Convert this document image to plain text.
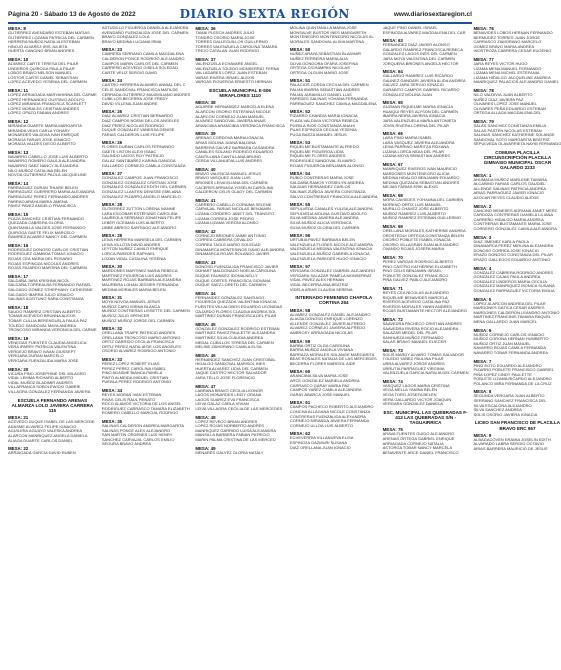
Página 20 - Sábado 13 de Agosto de 2022	DIARIO SEXTA REGIÓN	www.diariosextaregion.cl
MESA: 8
GUTIERREZ AVENDAÑO ESTEBAN MATIAS
GUTIERREZ LOZANA PATRICIA DEL CARMEN
HERRERA MUÑOZ NATALIA ESTEBAN
HINOJO ALVAREZ IRIS JULIETA
HUERTA CANCINO BRIAN ANDRES
MESA: 10
ALVAREZ CARTE TERESA DEL PILAR
LINDEROS QUIROGA PAULA PILAR
LOBOS BRAVO NELSON MANUEL
LOSTOR CARTE DANIEL SEBASTIAN
LOPEZ ACEVEDO YESENIA DEL CARMEN
MESA: 11
LOPEZ ARRIAGADA MARYAHINNA DEL CARME
LOPEZ HERNANDEZ GUSTAVO ADOLFO
LOPEZ MIRANDA FRANCISCA SCARLETT
LOPEZ MORALES CRISTIAN ANDRES
LOPEZ OPAZO FABIAN ANDRES
MESA: 12
MIRANDA DUARTE MARIA MARGARITA
MIRANDA VEAS CARLA YOHARY
MONARDES VALDIVIA IVAN ENRIQUE
MORAGA FARIAS JOSE IGNACIO
MORAGA VALDES DIEGO ALBERTO
MESA: 13
NAVARRO CABELLO JOSE LUIS ALBERTO
NAVARRO ROMERO DALILA ALEJANDRA
NAVARRO SAEZ NANCY ALEJANDRA
NILO MUÑOZ CATALINA BELEN
NOVOA GUTIERREZ PAOLA JACQUELINE
MESA: 14
PARRAGUEZ DURAN THIARE BELEN
PARRAGUEZ GUERRERO MARIA ALEJANDRA
PARRAGUEZ PEREZ FERNANDO ANDRES
PARRAO ARAYA MARIA JIMENA
PAVEZ PAVEZ ANGELO FRANCISCA
MESA: 15
PLAZA SANCHEZ CRISTIAN FERNANDO
QUEZADA CABRERA GLORIA
QUINTANILLA VALDES JOSE FERNANDO
QUIROGA GAETE FELIX MARCELO
RAMIREZ ALVAREZ NANCY DEL CARMEN
MESA: 16
RODRIGUEZ DONOSO CARLOS CRISTIAN
RODRIGUEZ GAMBOA TOMAS IGNACIO
ROJAS CEA MARIA DEL ROSARIO
ROJAS ESPINOZA NICOLAS ANDRES
ROJAS FAJARDO MARTINA DEL CARMEN
MESA: 17
SALDAÑA JARA KRISHNA NICOL
SALDAÑA TORREALBA FERNANDO RAFAEL
SALGADO GOMEZ STHEPHANY CATHERINE
SALGADO IBARRA JULIO IGNACIO
SALINAS ACEITUNO SARA CONSTANZA
MESA: 18
SAUDO RAMIREZ CRISTIAN ALBERTO
TOMAR ACEVEDO BRUNNA ALEXIS
TOBAR CULLIA BERENGUELA PAULA PAZ
TOLEDO SANDOVAL MAYA ANDREA
TRONCOSO MIRANDA VERONICA DEL CARME
MESA: 19
VENEGAS FUENTES CLAUDIA ANGELICA
VERA IPARRY PATRICIA VALENTINA
VERDEJO BRAVO IVAAN GIUSSEPT
VERGARA DURAN MARCELO
VERGARA FUENZALIDA MARIA JOSE
MESA: 20
VICUÑA PINO JOSEPHINE DEL MILAGRO
VIDAL LEMMA RICHARD ALBERTO
VIDAL MUÑOZ BLADIMIR ANDRES
VILLAFRANCA SOBOLEWICKI GABRIE
VILLAGRA GONZALEZ FERNANDA JAVIERA
ESCUELA FERNANDO ARENAS ALMARZA LOLO JAVIERA CARRERA 115
MESA: 21
ACEVEDO DUQUE ISABEL DE LAS MERCEDE
ADASME ALVAREZ FELIPE IGNACIO
AGUILERA AGUAYO VALESKA ANDREA
ALARCON MANRIQUEZ ANGELA DANIELA
ALIAGA DUARTE CARLOS DANIEL
MESA: 22
ARRIAGADA GARCIA DAVID RUBEN
ASTUDILLO FIGUEROA DANIELA ALEJANDRA
AVENDAÑO FUENZALIDA JOSE DEL CARMEN
BRAVO GONZALEZ LOLA
BRAVO MEDINA LUCIANA IRMA
MESA: 23
CABRERA SERRANO CAMILA MAGDALENA
CALDERON PONCE RODRIGO ALEJANDRO
CAMPOS MARIN CARLOS DEL CARMEN
CARREÑO ACEVEDO GISELA SOLEDAD
CARTE VELIZ SERGIO DAVID
MESA: 24
CASTRO HERRERA ALAMIRO ANIBAL DEL C
CELIS SANDOVAL FRANCISCA MATILDE
CERRADA GUTIERREZ MAXIMILIANO ANDRES
CUBILLOS BECERRA JOSE FREDY
DAVID VILLENA JUAN ANDRE
MESA: 25
DIAZ ALVAREZ CRISTIAN BERNARDO
DIAZ CAMPOS NOEMI DE LOS ANGELES
DIAZ PEREZ NICOLAS RODRIGO
DUQUE GONZALEZ VANESSA DENISE
FARIAS CALDERON LUIS FELIPE
MESA: 26
FLORES DURAN CARLOS FERNANDO
GAETE LISTON ALEXI ISAAC
GALINDO LAGOS ROY PATRICIO
GALAZ SANTIBAÑEZ KARINA GANGGA
GALLARDO CORNEJO CAMILA CONSTANZA
MESA: 27
GONZALEZ CAMPOS JUAN FRANCISCO
GONZALEZ GONZALEZ CRISTIAN JOSE
GONZALEZ GONZALEZ EDITH DEL CARMEN
GONZALEZ LLANTEN DENISSE EMILIANA
GONZALEZ PIZARRO ANGELO MARCELO
MESA: 28
GUTIERREZ ZUTTON LORENA IVANNE
LARA ESCOBAR ESTEFANIE CAROLINA
LAUREOLA SERRANO JONATHAN FELIPE
LEBER OCEIMAN LUIS ALBERTO
LIBBE ABRIGO SANTIAGO ALEJANDRO
MESA: 29
LEIVA HERRERA MARISELA DEL CARMEN
LEIVA VILLOTA DAVID ANDRES
LEYTON NUÑEZ CAMILO ENRIQUE
LORCA PAREDES RAPHAEL
LOZAN VIDAL CATALINA YESENIA
MESA: 30
MARDONES MARTINEZ MARIA REBECA
MARTINEZ FIGUEROA LUIS ANDRES
MARTINEZ ROJAS BARBARA ALEJANDRA
MAUREIRA LOHAN JESSIER FERNANDA
MEDINA MORALES MARIA BELEN
MESA: 31
MOYA NOVOA MANUEL JESUS
MUÑOZ CARO MIRNA BLANCA
MUÑOZ CONTRERAS LISSETTE DEL CARMEN
MUÑOZ JULIO SPENCER
MUÑOZ MUÑOZ JORGE DEL CARMEN
MESA: 32
ORELLANA TRAIPE PATRICIO ANDRES
ORELLANA TRONCOSO MARIO ANTONIO
ORTIZ GARRIDO CECILIA FRANCISCA
ORTIZ PEREZ NATALIA DE LOS ANGELES
OSORIO ALVAREZ RODRIGO ANTONIO
MESA: 33
PEREZ LOPEZ ROBERT ELIAS
PEREZ PEREZ CAROLINA ISABEL
PINO ADASME BIANCA PAMELA
PINTO ALMEIDA MIGUEL CRISTIAN
PUEBLA PEREZ RODRIGO ANTONIO
MESA: 34
REYES MORAN IVAN ESTEBAN
RIVAS CELIS RAUL RENATO
ROCO ALAMOS VICTORIA DE LOS ANGEL
RODRIGUEZ CARRASCO TAMARA ELIZABETH
ROMERO CABELLO MARCIAL RODRIGO
MESA: 35
SALINAS CALDERON ANDREA MARGARITA
SALINAS PONCE ALEX ALEJANDRO
SAN MARTIN ORDENES LUIS HENRY
SANCHEZ CARVAJAL CARLOS EMILIO
SEGURA BRAVO ANDREA
MESA: 36
TAMAI PLESCH ANDRES JULIO
TONDRO OSORIO MARIA JOSE
TORRES GALLEGUILLOS GUILLERMO
TORRES VALENZUELA CAROLINA TAMARA
TREJO CATALAN JUAN RODRIGO
MESA: 37
VALENZUELA ECHAVARE ANGEL
VALENZUELA TOLEDO MONSERRAT FERNA
VALLADARES LOPEZ JUAN ESTEBAN
VARAS RIVERA ISRAEL ALEXIS
VARGAS FIGUEROA ERNESTO HERNAN
ESCUELA MUNICIPAL E-506 MIRAFLORES 1110
MESA: 38
AGUIRRE HERNANDEZ MARCELA ELENA
ALARCON OSORIO ESTEFANIA NICOLE
ALARCON CORNEJO JUAN MANUEL
ALVAREZ SANDOVAL JAVIERA ANAIS
ARANCIBIA ARANCIBIA VERONICA FRANCISCA
MESA: 39
ARENAS CORDOVA MARIA IGNACIA
ARIAS MOLINA JUANA BALDINA
BARRERA GALVEZ BARBARA CASANDRA
CANALES SOLANO RODRIGO EDUARDO
CANTILLANA CANTILLANA BRUNO
CERDA VILLANUEVA LUIS ANDRES
MESA: 40
BRAVO VALENCIA MANUEL JESUS
BRAVO VASQUEZ JUAN LUIS
BRIONES LEIVA ELIANA DEL CARMEN
CACERES ARRIAGA YOSELIN CAROLINA
CALDERON CELIS GLADY DEL CARMEN
MESA: 41
CARRERO CABELLO CORAIMA SELENE
CARVAJAL FARIAS NICOLAS BENJAMIN
LIZANA CORDERO JANET DEL TRANSITO
LIZANA CORREA JOSE PEDRO
LIZANA LIZAMA VERONI ALONSO
MESA: 42
CORNEJO BRIONES JAIME ANTONIO
CORREA CABRERA OSVALDO
CORREA TAGLE MARIO SOLEDAD
DINAMARCA MONTESINOS DAVID ALEJANDRA
DINAMARCA ROJAS ROLANDO JAVIER
MESA: 43
DONOSO FUENZALIDA FRANCISCO JAVIER
DUHART MALDONADO NOELIA CAROLINA
DUQUE FAUNDEZ IDONIA NELLY
DUQUE CORTES FRANCISCA GIOVANA
DUQUE SAEZ LORETO DEL CARMEN
MESA: 44
FERNANDEZ GONZALEZ SANTIAGO
FIGUEROA QUEZADA VALENTINA IGNACIA
FUENTES VILLALOBOS EDUARDO LEONIDAS
GAJARDO FLORES CLAUDIA ANDREA SOL
MARTINEZ DURAN FRANCISCA DEL PILAR
MESA: 45
GONZALEZ GONZALEZ RODRIGO ESTEBAN
MARTINEZ PAVEZ PAULETTE ALEJANDRA
MARTINEZ SILVA CLAUDIA ANDREA
MEDAL CUBILLOS TERESA DEL CARMEN
MELINE ZAMORANO CAMILA ELSA
MESA: 46
HERNANDEZ SANCHEZ JUAN CRISTOBAL
HIDALGO SANDOVAL MARISOL INES
HUERTA ALVAREZ LIDIA DEL CARMEN
JAQUE CASTRO HECTOR SALVADOR
JARA TELLO JOSE FLORENCIO
MESA: 47
LABRANA BRAVO CECILIA LEONOR
LAGOS MONARDES LEIDY GRANA
LAGOS SUAREZ EVA FRANCISCA
LEIVA GALAZ CARLA VIVIAN
LEIVA VILLAGRA CECILIA DE LAS MERCEDES
MESA: 48
LOPEZ REVECO BRIAN ANDRES
LOPEZ ROJAS NORBERTO ANDRES
MANRIQUEZ GARRIDO LUISA ALEJANDRA
MANSILLA BARBERA FABIAN PATRICIO
MARIN PALMA CRISTINA DE LAS MERCED
MESA: 49
MENARES GALVEZ GLORIA NATALY
MOLINA QUINTANILLA MARIA JOSE
MONSALVE BUSTOS INES MARGARETH
MONTENEGRO MONTENEGRO NICOLAS AL
MORALES SANDOVAL ALIXIA MARTINA
MESA: 50
NUÑEZ ARAYA SEBASTIAN BLADIMIR
NUÑEZ FERREIRA MARIA ALIA
OLIVA GONGORA OFARA JOSEFINA
ORTEGA CICHAMPAS NICOLAS
ORTEGA OLGUIN MARIO JOSE
MESA: 51
PALACIOS CORDA CECILIA DEL CARMEN
PALMA IBARRA SEBASTIAN ANDRES
PALMA JARAMILLO DANIEL LUIS
PAREDES SALINAS YOHANA FERNANDA
PARRAGUEZ SANCHEZ CAMILA MAGDALENA
MESA: 52
PIZARRO CHANDIA MARIA IGNACIA
PLAZA VALDIVIA VICTORIA REBECA
PUEBLA RIOS CONSTANZA ANAHI
PUAS ESPINOZA CECILIA YESENIA
PUGA BAEZA MANUEL JESUS
MESA: 53
RIQUELME BUSTAMANTE ALFREDO
RIQUELME FIGUEROA LIDIA
RIQUELME FLORES ANDRES
RODRIGUEZ SANDOVAL ELMARIO
ROJAS FIGUEROA BENJAMIN ALONSO
MESA: 54
RUBIO CONTRERAS MARIA JOSE
SALDAÑA RAMOS YOSSELYN ANDREA
SALDIAS HERNANDEZ CARLOS
SALINAS ZUÑIGA JAVIERA CONSTANZA
SALVO CONTRERAS FRANCISCA ALEJANDRA
MESA: 55
SEPULVEDA CANALES YULISA ALEJANDRA
SEPULVEDA MOLINA GUSTAVO ADOLFO
SILVA MEDINA JAVIERA ALEJANDRA
SILVA MUÑOZ ALICIA VERONICA
SILVA MUÑOZ GLORIA DEL CARMEN
MESA: 56
URTUBIA PAVEZ BARBARA BELEN
VALENZUELA FLORES NICOLE ALEJANDRA
VALENZUELA MEDINA VALENTINA IGNACIA
VALENZUELA MUÑOZ GABRIELA IGNACIA
VALENZUELA PAREDES HUGO IGNACIO
MESA: 57
VERGARA GONZALEZ GABRIEL ALEJANDRO
VERGARA SALAZAR PAMELA MONSERRAT
VIDAL PAVEZ ALEX HERNAN
VIDAL BECERRA ANA BEATRIZ
VIDELA ARIAS CLAUDIA SERENA
INTERNADO FEMENINO CHAPOLA CORTINA 264
MESA: 58
ALVAREZ GONZALEZ DANIEL ALEJANDRO
ALIAGA DONOSO ENRIQUE LORENZO
ALLENDE GONZALEZ JAVIER ALFREDO
ALVAREZ CORNEJO JAVIERA ALFREDO
AMBROSY ARRIAGADA NICOLAS
MESA: 59
BARBA ORTIZ OLGA CAROLINA
BARRA MUÑOZ ANGELA VIVIANA
BARRAZA MORALES SOLANGE MARGARITA
BEAS ROSALES NATALIA DE LAS MERCEDES
BECERRA FLORES MARISOL AIDE
MESA: 60
ARANCIBIA SILVA MARIA JOSE
ARCE GONZALEZ MARIELA ANDREA
CARRASCO GARAY MARIA PAZ
CAMPOS YAÑEZ CAMILA ALEJANDRA
GARAY ABARCA JOSE MANUEL
MESA: 61
CAMPOS PACHECO ROBERTO ALEJANDRO
CONCHA ALLAGANA NICOLE CONSTANZA
CONTRERAS FUENZALIDA ALEXANDRA
CORNEJO MIRANDA JAVIERA FERNANDA
CORNEJO ULLOA LUIS ALBERTO
MESA: 62
ECHEVERRIA VILLANUEVA ELISA
ESPINOZA GAZMURI SUSANA
DIAZ ORELLANA JUAN IGNACIO
JAQUE PINO DANIEL ISRAEL
ESPINOZA ALVAREZ MAGDALENA DEL CAR
MESA: 63
FERNANDEZ DIAZ JAVIER ALONSO
GALARDO RAMIREZ FRANCISCA REBECA
GONZALEZ LAGOS INES DEL CARMEN
JARA MOYA VALENTINA DEL CARMEN
JORQUERA BRIONES ANGELA HECTOR
MESA: 64
GALLARDO RAMIREZ LUIS RICARDO
GAUNEZ GANDARI JAVIERA ALIDA ANDREA
GALVEZ JARA SERGIO IGNACIO
GARABITO CAMPOS GABRIEL RICARDO
GONZALEZ MOLINA JUAN
MESA: 65
GUZMAN RIQUELME MARIA IGNACIA
HUAIQUI REYES ALYSON DEL CARMEN
IBARRA NEIRA JAVIERA IGNACIA
JARA VALENZUELA MARIA ANTONIETA
JOVIN RIVERA LORENA DEL PILAR
MESA: 66
LARA PINO MARIA ISABEL
LARA VASQUEZ JAVIERA ALEJANDRA
LEIVA PARRINO MARITZA ROXANA
LIZANA LORCA NIDIA DEL PILAR
LIZANA MOYA SEBASTIAN ANDRES
MESA: 67
MANRIQUEZ RIVEROS IVAN MAURICIO
MARDONES MONTENEGRO ALICIA
MEDINA HIDALGO BENJAMIN EDUARDO
MEDINA QUEZADA SEBASTIAN ANDRES
MEJIAS FARIAS ERIK ALEXIS
MESA: 68
MORA CAVIEDES YOHANNA DEL CARMEN
MORENO ORTIZ LUIS MANUEL
MURILLO CHAVEZ JOSE ALBERTO
MUÑOZ RAMIREZ LUIS ALBERTO
MUÑOZ RAMIREZ ESTEBAN GUILLERMO
MESA: 69
ORELLANA MORALES KATHERINE ANDREA
OROSTEGUI ORTEGA CONSTANZA BELEN
OSORIO POBLETE ISABEL IGNACIA
OSORIO VILLAGRAN JUAN ALEJANDRO
OVANDO ROJAS JOSEFA MARIA
MESA: 70
PEREZ VARGAS RODRIGO ALBERTO
PINO CASTRO KATHERINE ELIZABETH
PINO CELIS BENJAMIN ISRAEL
POBLETE GONZALEZ FRANCISCO
PIÑA GALVEZ PABLO ALEJANDRO
MESA: 71
REYES CEA NICOLAS ALEJANDRO
RIQUELME BENAVIDES MARCELA
RIVEROS ACEVEDO CATALINA PAZ
RIVEROS MORALES YANIN ANDRES
ROJAS BUSTAMANTE HECTOR ALEJANDRO
MESA: 72
SAAVEDRA PACHECO CRISTIAN ANDRES
SAAVEDRA RIVERA ROCIO ALEJANDRA
SALAZAR MEDEL DEL PILAR
SANHUEZA MUÑOZ FERNANDO
SALAS BRAVO MANUEL ELIECER
MESA: 73
SOLIS MARDY ALVARO TOMAS SALVADOR
TOLEDO YAÑEZ PAULINA PILAR
URRA ALVAREZ JORGE ANDRES
URRUTIA PARRAGUEZ VIRGINIA
VALENZUELA GARCIA NATALIA DEL CARMEN
MESA: 74
VASQUEZ LAGOS MARIA CRISTINA
VEGA MELLA YANINA BELEN
VEGA TORO JOSEFA BELEN
VERA GALLARDO VICTOR JOAQUIN
VERGARA GONZALEZ DANIELA
ESC. MUNICIPAL LAS QUEBRADAS F-413 LAS QUEBRADAS S/N - TAGUAIRRICA
MESA: 75
ARAVA FUENTES GUIDO ALEJANDRO
ARENAS ORTEGA GABRIEL ENRIQUE
ARRIAGADA CORNEJO NATALIA
ASTORGA TOBAR NANCY MARCELA
BENAVENTE ARCE DANIEL FRANCISCO
MESA: 76
BENAVIDES LOBOS HERNAN FERNANDO
BERMUDEZ TORRES JUAN JORGE
CARRASCO ZAMORANO MARCELO
GOMEZ BRAVO MARIA ANDREA
INOSTROZA CABRERA CESAR EUGENIO
MESA: 77
JARA REYES VICTOR HUGO
LIZAMA MENA MANUEL FERNANDO
LIZAMA MENA MICHEL ESTEFANIA
LIZAMA HIDALGO JACQUELINE ANDREA
MANRIQUEZ PALACIOS ALEJANDRO DANIEL
MESA: 78
NILO VALDIVIA JUAN ALBERTO
NUÑEZ DIAZ JAVIERA PAZ
OLIVARES LOPEZ JOSE MANUEL
OLIVARES PEÑA EDUARDO ESTEBAN
ORTEGA ALLAGA MAGDALENA DEL
MESA: 79
SALAS SANCHEZ CONSTANZA EMILIA
SALAS PASTEN NICOLAS ESTEBAN
SALINAS SANCHEZ KATHERINE SOLANGE
SANDOVAL SOTO MARGARITA BEATRIZ
SEPULVEDA OLAVARRIETA NAYIB FERNANDO
COMUNA PLACILLA CIRCUNSCRIPCIÓN PLACILLA GIMNASIO MUNICIPAL OSCAR GALARDO 2233
MESA: 1
AHUMADA MUÑOZ MARLENE TAMARA
ALCAÑINO FARIAS CARLOS GAUDIEL
ALLENDE SALINAS PATRICIA ANDREA
ARIAS PARRAGUEZ JAVIER IGNACIO
AZOCAR REYES CLAUDIO ALEXIS
MESA: 2
CANCINO MENESES ADRIANA JANET MERC
CARDOZA CONTRERAS DANIELA LILIANA
CARREÑO HIDALGO MARIA ANDREA
CONTRERAS BUSTAMANTE MARIA JOSE
CORDERO GONZALEZ CAMILA ALEJANDRA
MESA: 3
DIAZ JIMENEZ KARLA PAOLA
DINAMARCA PEREZ MIRLINA ALEJANDRA
DONOSO CORREA JOSE IGNACIO
ERAZO DONOSO CONSTANZA DEL PILAR
ERAZO GALLEGOS EDUARDO ANTONIO
MESA: 4
GONZALEZ CABRERA RODRIGO ANDRES
GONZALEZ CAJAS PAULA ANDREA
GONZALEZ LINDEROS MARIA CECILIA
GONZALEZ MANRIQUEZ MONICA SUSANA
GONZALEZ PARRAGUEZ VICTORIA EMILIA
MESA: 5
LOPEZ ALARCON ANDREA DEL PILAR
MARDONES GATICA CESAR ANDRES
MARDONES CALDERON LEANDRO ANTONIO
MARTINEZ FRANCINIS TAMARA RAQUEL
MENA GALLARDO JUAN MARCEL
MESA: 6
MUÑOZ CORNEJO CARLOS IGNACIO
MUÑOZ CORONA HERNAN HUMBERTO
MUÑOZ ORTIZ JUAN MANUEL
NAVARRO ROJAS CAMILA FERNANDA
NAVARRO TOBAR FERNANDA ANDREA
MESA: 7
PINO SOTO EDUARDO ALEJANDRO
PIZARRO POBLETE FRANCISCO GABRIEL
PIÑA LOPEZ CINDY PAULETTE
POBLETE LIZAMA RICARDO ALEJANDRO
POLANCO MIRA FERNANDA DE LA CRUZ
MESA: 8
SEGUNDA VERGARA JUAN ALBERTO
SERRANO SANCHEZ FRANCISCA DEL
SILVA ESCALONA ALEJANDRO
SILVA SANCHEZ ANDREA
SOLIS OSORIO JAVIERA IGNACIA
LICEO SAN FRANCISCO DE PLACILLA BRAVO ERC 957
MESA: 9
ALBAGACOVEN ERAMIA JOSELIN EDITH
ALVARADO LABRA SERGIO OCTAVIO
ARIAS BARRERA MAURICIO DE JESUS
